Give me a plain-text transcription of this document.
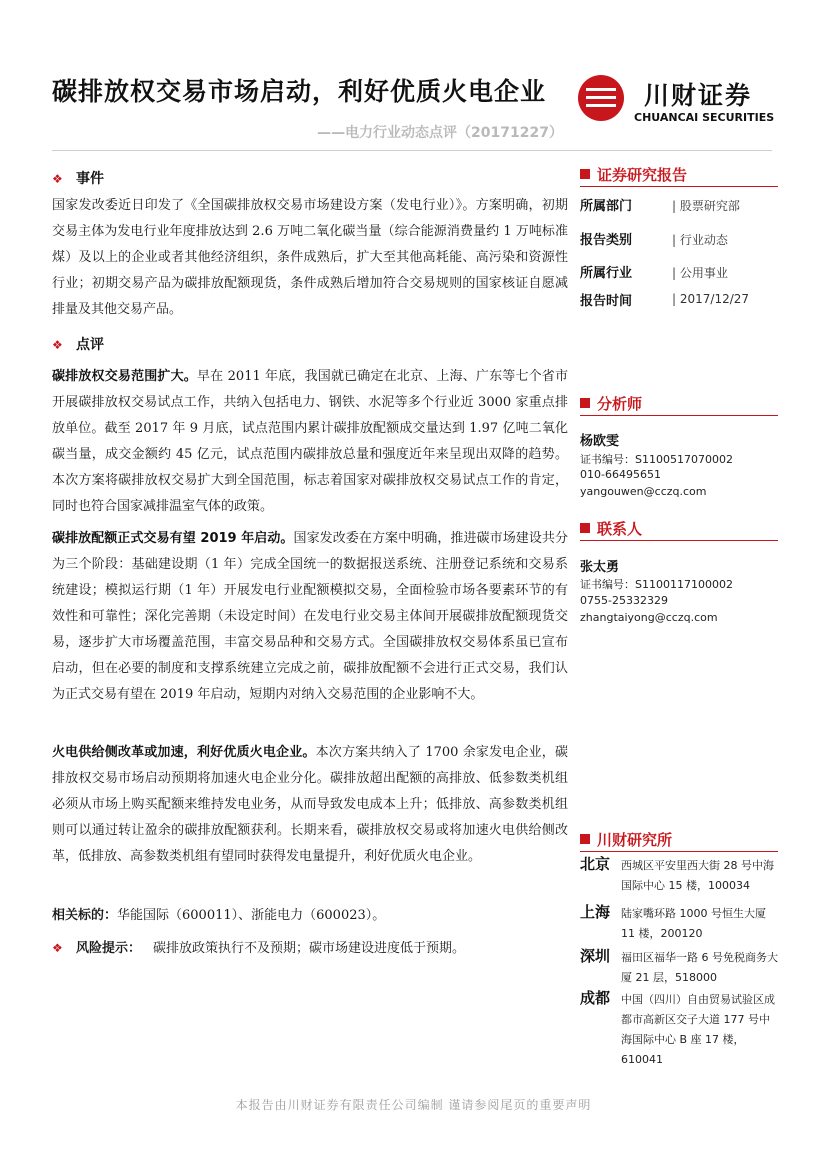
碳排放权交易市场启动，利好优质火电企业
——电力行业动态点评（20171227）
川财证券
CHUANCAI SECURITIES
❖ 事件

国家发改委近日印发了《全国碳排放权交易市场建设方案（发电行业）》。方案明确，初期交易主体为发电行业年度排放达到 2.6 万吨二氧化碳当量（综合能源消费量约 1 万吨标准煤）及以上的企业或者其他经济组织，条件成熟后，扩大至其他高耗能、高污染和资源性行业；初期交易产品为碳排放配额现货，条件成熟后增加符合交易规则的国家核证自愿减排量及其他交易产品。

❖ 点评

碳排放权交易范围扩大。早在 2011 年底，我国就已确定在北京、上海、广东等七个省市开展碳排放权交易试点工作，共纳入包括电力、钢铁、水泥等多个行业近 3000 家重点排放单位。截至 2017 年 9 月底，试点范围内累计碳排放配额成交量达到 1.97 亿吨二氧化碳当量，成交金额约 45 亿元，试点范围内碳排放总量和强度近年来呈现出双降的趋势。本次方案将碳排放权交易扩大到全国范围，标志着国家对碳排放权交易试点工作的肯定，同时也符合国家减排温室气体的政策。

碳排放配额正式交易有望 2019 年启动。国家发改委在方案中明确，推进碳市场建设共分为三个阶段：基础建设期（1 年）完成全国统一的数据报送系统、注册登记系统和交易系统建设；模拟运行期（1 年）开展发电行业配额模拟交易，全面检验市场各要素环节的有效性和可靠性；深化完善期（未设定时间）在发电行业交易主体间开展碳排放配额现货交易，逐步扩大市场覆盖范围，丰富交易品种和交易方式。全国碳排放权交易体系虽已宣布启动，但在必要的制度和支撑系统建立完成之前，碳排放配额不会进行正式交易，我们认为正式交易有望在 2019 年启动，短期内对纳入交易范围的企业影响不大。

火电供给侧改革或加速，利好优质火电企业。本次方案共纳入了 1700 余家发电企业，碳排放权交易市场启动预期将加速火电企业分化。碳排放超出配额的高排放、低参数类机组必须从市场上购买配额来维持发电业务，从而导致发电成本上升；低排放、高参数类机组则可以通过转让盈余的碳排放配额获利。长期来看，碳排放权交易或将加速火电供给侧改革，低排放、高参数类机组有望同时获得发电量提升，利好优质火电企业。

相关标的：华能国际（600011）、浙能电力（600023）。
❖ 风险提示： 碳排放政策执行不及预期；碳市场建设进度低于预期。
证券研究报告
所属部门	| 股票研究部
报告类别	| 行业动态
所属行业	| 公用事业
报告时间	| 2017/12/27
分析师
杨欧雯
证书编号：S1100517070002
010-66495651
yangouwen@cczq.com
联系人
张太勇
证书编号：S1100117100002
0755-25332329
zhangtaiyong@cczq.com
川财研究所
北京 西城区平安里西大街 28 号中海国际中心 15 楼，100034
上海 陆家嘴环路 1000 号恒生大厦 11 楼，200120
深圳 福田区福华一路 6 号免税商务大厦 21 层，518000
成都 中国（四川）自由贸易试验区成都市高新区交子大道 177 号中海国际中心 B 座 17 楼，610041
本报告由川财证券有限责任公司编制 谨请参阅尾页的重要声明
